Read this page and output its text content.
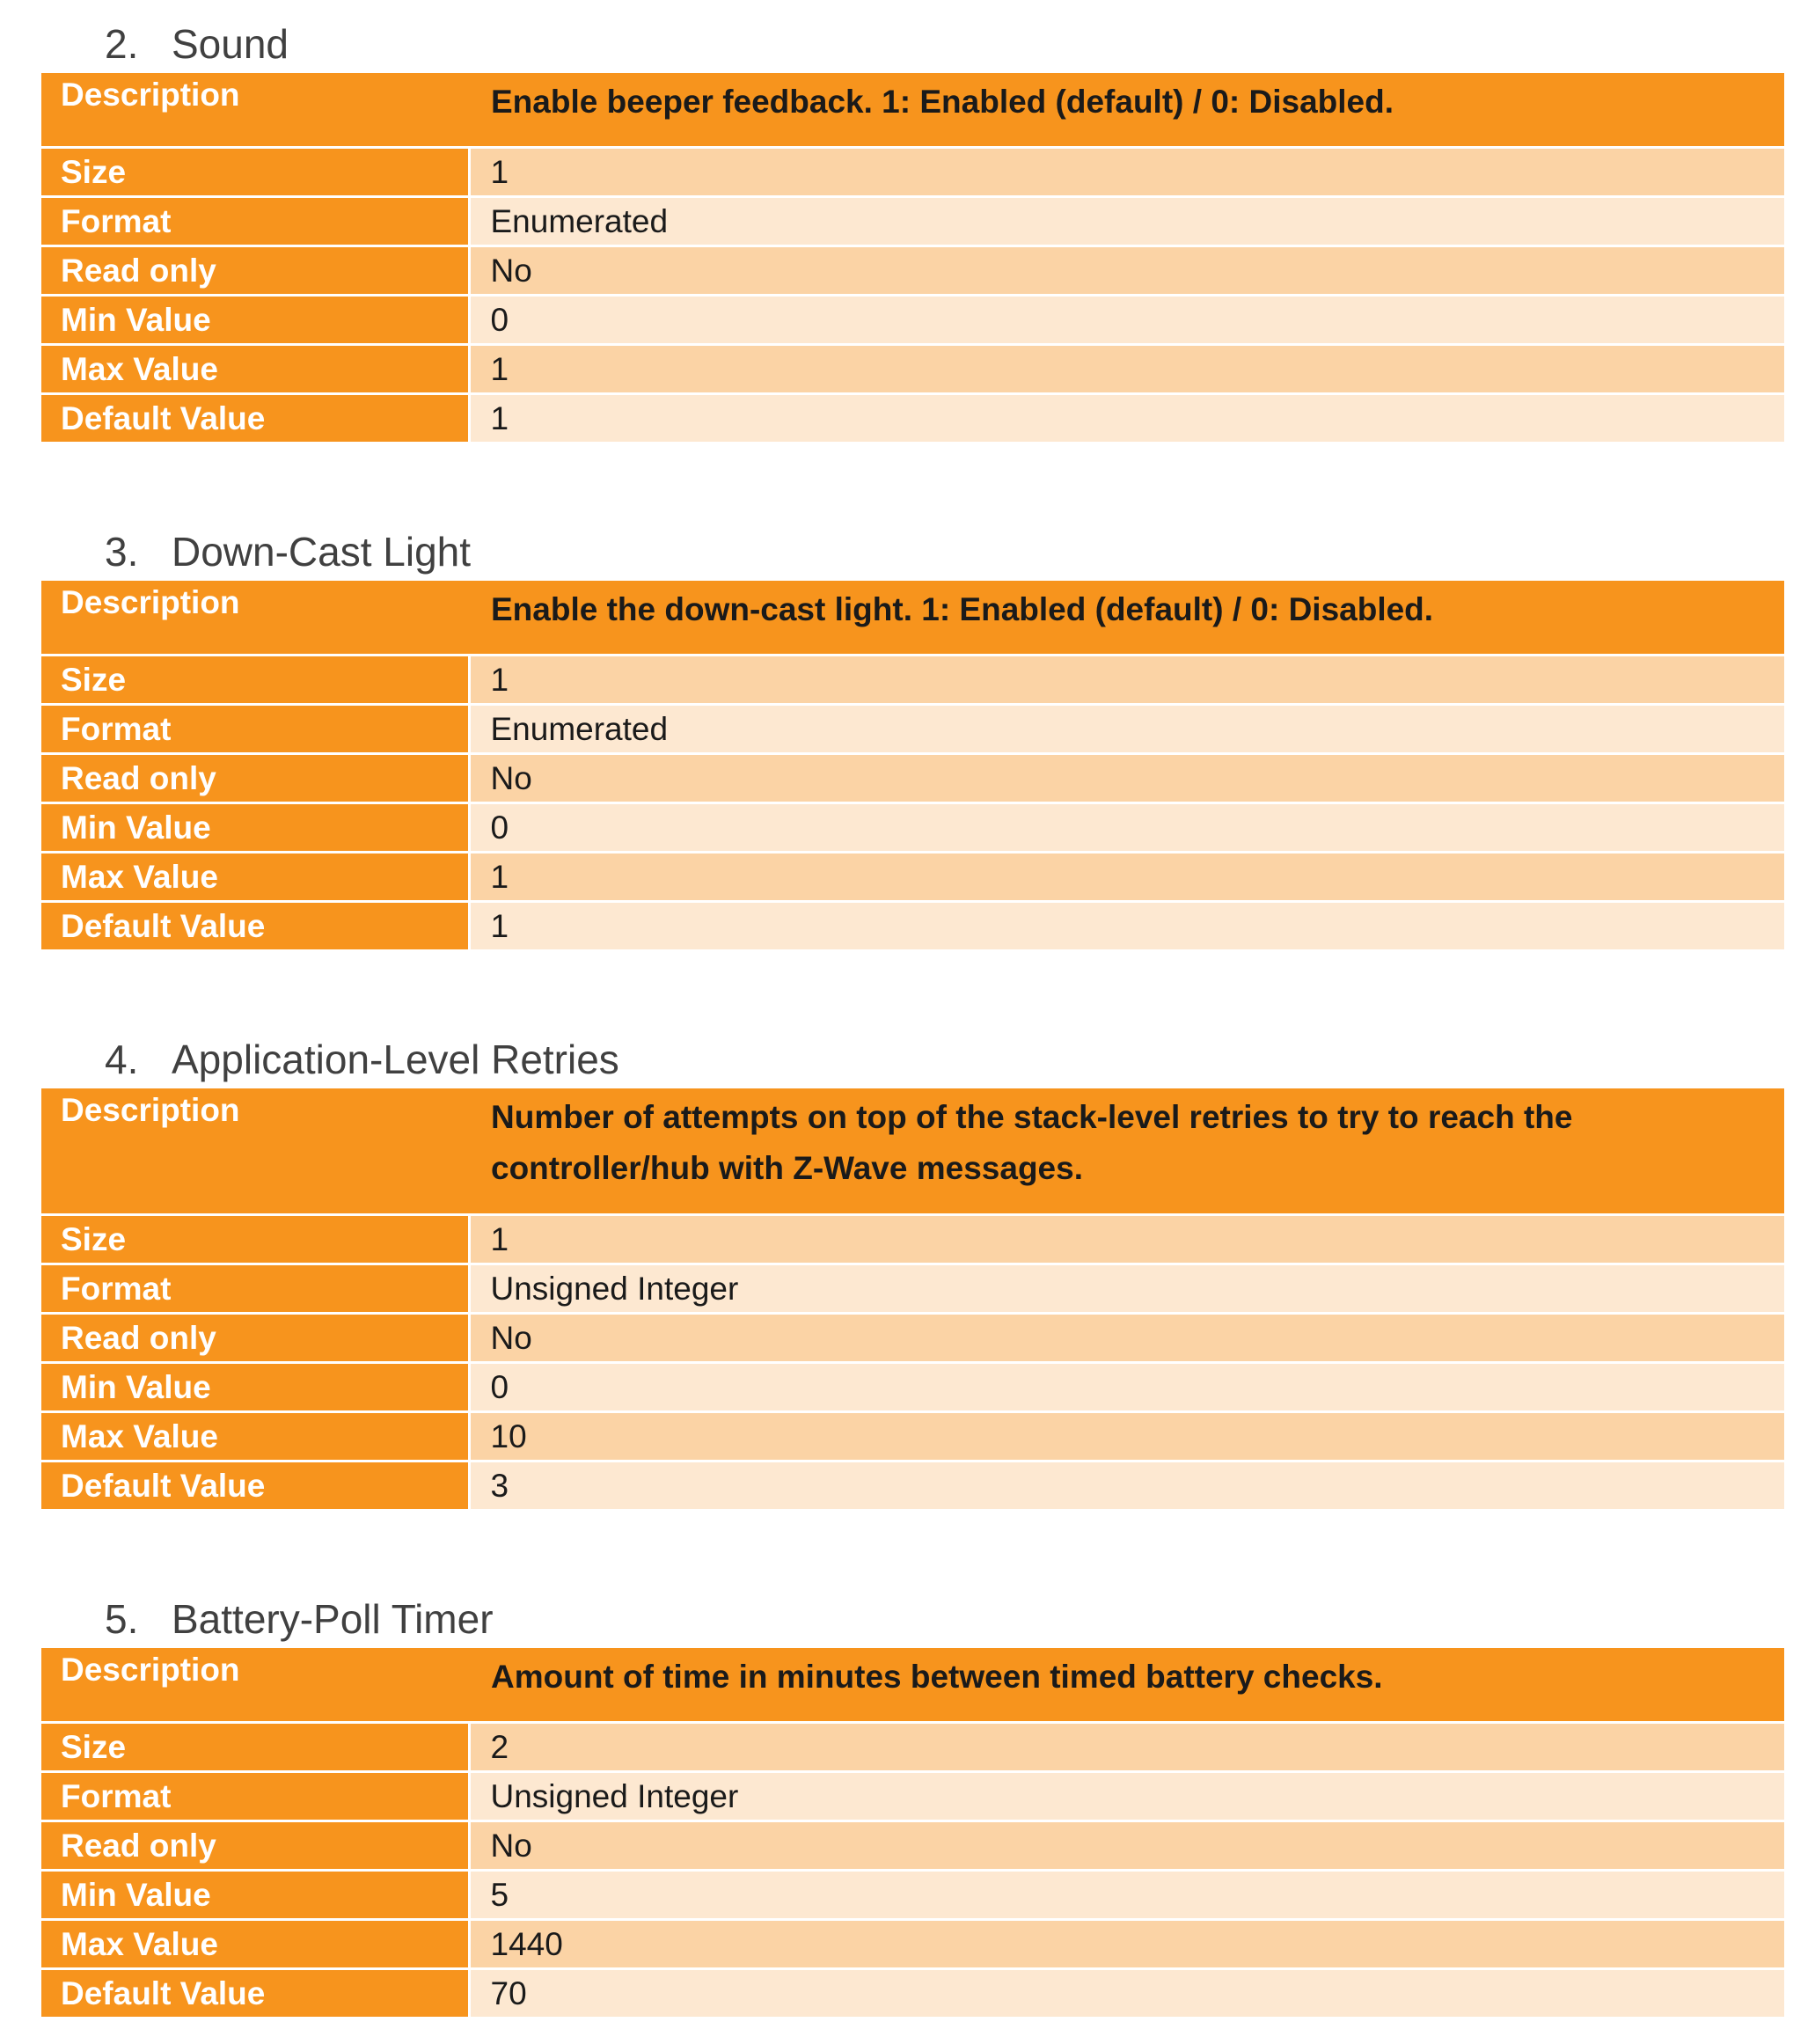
2. Sound
Description	Enable beeper feedback. 1: Enabled (default) / 0: Disabled.
Size	1
Format	Enumerated
Read only	No
Min Value	0
Max Value	1
Default Value	1
3. Down-Cast Light
Description	Enable the down-cast light. 1: Enabled (default) / 0: Disabled.
Size	1
Format	Enumerated
Read only	No
Min Value	0
Max Value	1
Default Value	1
4. Application-Level Retries
Description	Number of attempts on top of the stack-level retries to try to reach the controller/hub with Z-Wave messages.
Size	1
Format	Unsigned Integer
Read only	No
Min Value	0
Max Value	10
Default Value	3
5. Battery-Poll Timer
Description	Amount of time in minutes between timed battery checks.
Size	2
Format	Unsigned Integer
Read only	No
Min Value	5
Max Value	1440
Default Value	70
